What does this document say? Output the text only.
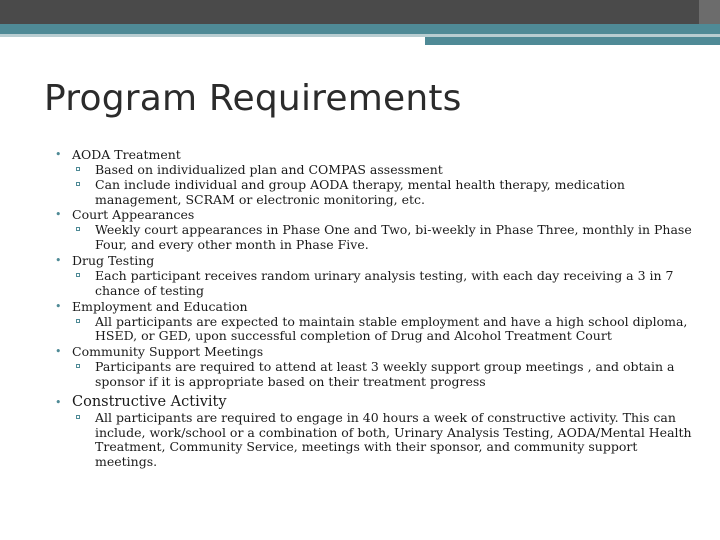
Program Requirements
• AODA Treatment
Based on individualized plan and COMPAS assessment
Can include individual and group AODA therapy, mental health therapy, medication management, SCRAM or electronic monitoring, etc.
• Court Appearances
Weekly court appearances in Phase One and Two, bi-weekly in Phase Three, monthly in Phase Four, and every other month in Phase Five.
• Drug Testing
Each participant receives random urinary analysis testing, with each day receiving a 3 in 7 chance of testing
• Employment and Education
All participants are expected to maintain stable employment and have a high school diploma, HSED, or GED, upon successful completion of Drug and Alcohol Treatment Court
• Community Support Meetings
Participants are required to attend at least 3 weekly support group meetings , and obtain a sponsor if it is appropriate based on their treatment progress
• Constructive Activity
All participants are required to engage in 40 hours a week of constructive activity. This can include, work/school or a combination of both, Urinary Analysis Testing, AODA/Mental Health Treatment, Community Service, meetings with their sponsor, and community support meetings.
